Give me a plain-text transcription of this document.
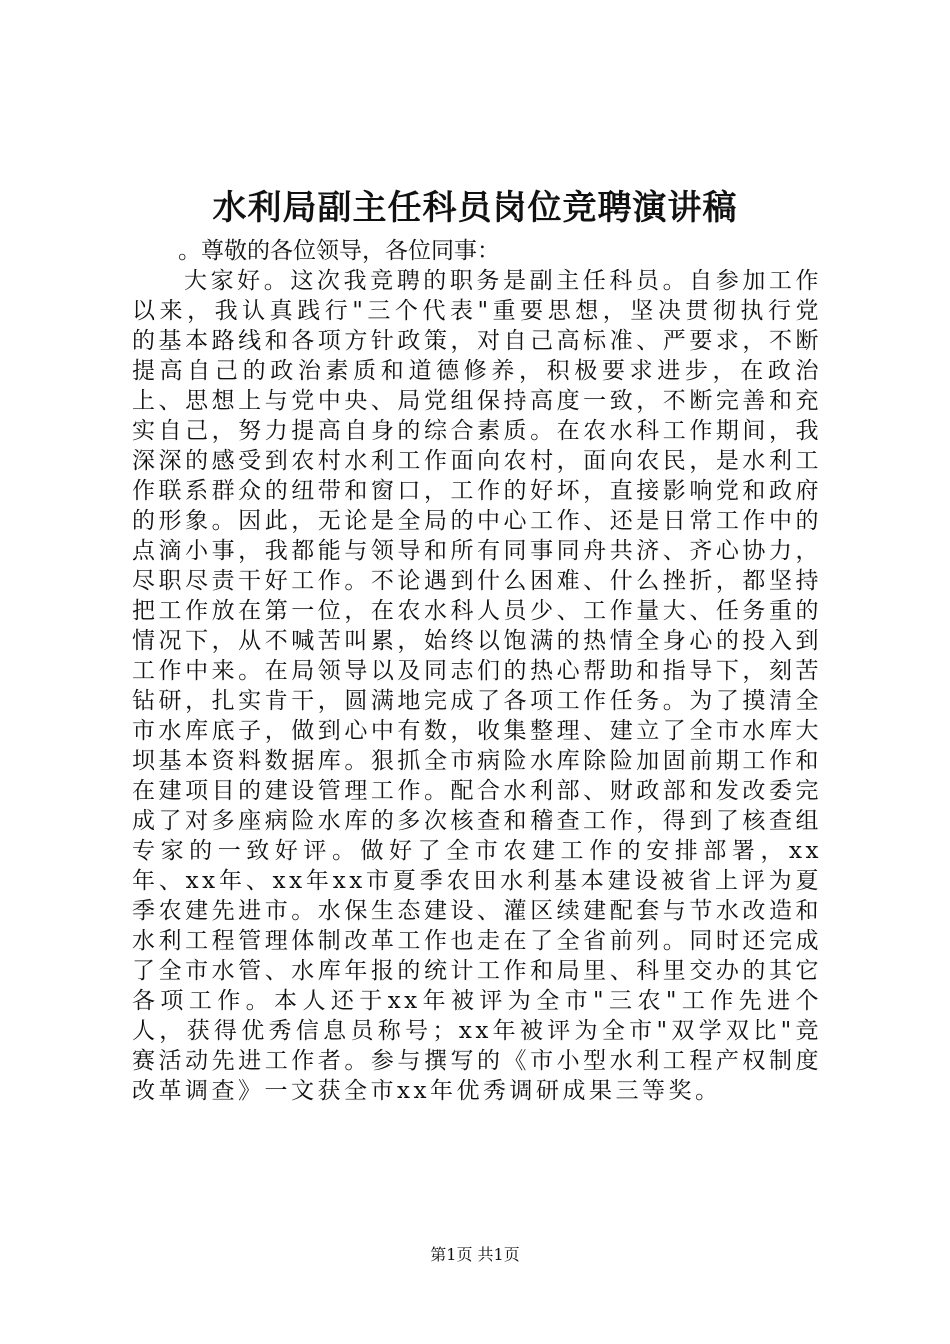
水利局副主任科员岗位竞聘演讲稿

。尊敬的各位领导，各位同事：

大家好。这次我竞聘的职务是副主任科员。自参加工作以来，我认真践行"三个代表"重要思想，坚决贯彻执行党的基本路线和各项方针政策，对自己高标准、严要求，不断提高自己的政治素质和道德修养，积极要求进步，在政治上、思想上与党中央、局党组保持高度一致，不断完善和充实自己，努力提高自身的综合素质。在农水科工作期间，我深深的感受到农村水利工作面向农村，面向农民，是水利工作联系群众的纽带和窗口，工作的好坏，直接影响党和政府的形象。因此，无论是全局的中心工作、还是日常工作中的点滴小事，我都能与领导和所有同事同舟共济、齐心协力，尽职尽责干好工作。不论遇到什么困难、什么挫折，都坚持把工作放在第一位，在农水科人员少、工作量大、任务重的情况下，从不喊苦叫累，始终以饱满的热情全身心的投入到工作中来。在局领导以及同志们的热心帮助和指导下，刻苦钻研，扎实肯干，圆满地完成了各项工作任务。为了摸清全市水库底子，做到心中有数，收集整理、建立了全市水库大坝基本资料数据库。狠抓全市病险水库除险加固前期工作和在建项目的建设管理工作。配合水利部、财政部和发改委完成了对多座病险水库的多次核查和稽查工作，得到了核查组专家的一致好评。做好了全市农建工作的安排部署，xx年、xx年、xx年xx市夏季农田水利基本建设被省上评为夏季农建先进市。水保生态建设、灌区续建配套与节水改造和水利工程管理体制改革工作也走在了全省前列。同时还完成了全市水管、水库年报的统计工作和局里、科里交办的其它各项工作。本人还于xx年被评为全市"三农"工作先进个人，获得优秀信息员称号；xx年被评为全市"双学双比"竞赛活动先进工作者。参与撰写的《市小型水利工程产权制度改革调查》一文获全市xx年优秀调研成果三等奖。

第1页 共1页
